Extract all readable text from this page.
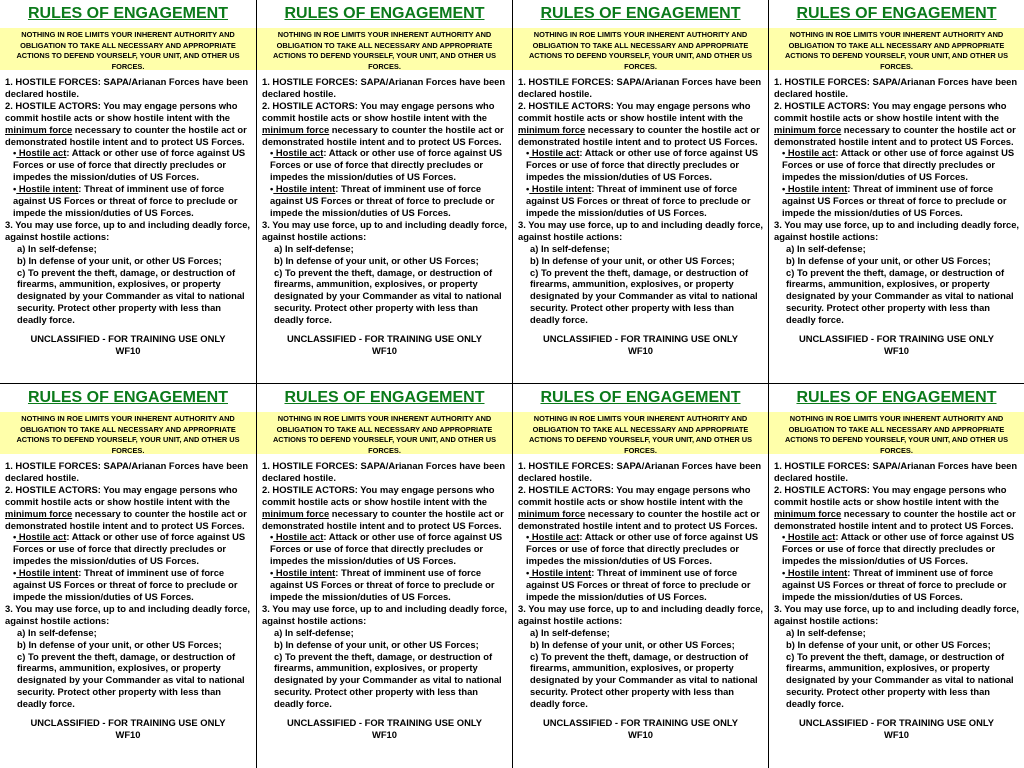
RULES OF ENGAGEMENT
NOTHING IN ROE LIMITS YOUR INHERENT AUTHORITY AND OBLIGATION TO TAKE ALL NECESSARY AND APPROPRIATE ACTIONS TO DEFEND YOURSELF, YOUR UNIT, AND OTHER US FORCES.

1. HOSTILE FORCES: SAPA/Arianan Forces have been declared hostile.

2. HOSTILE ACTORS: You may engage persons who commit hostile acts or show hostile intent with the minimum force necessary to counter the hostile act or demonstrated hostile intent and to protect US Forces.

• Hostile act: Attack or other use of force against US Forces or use of force that directly precludes or impedes the mission/duties of US Forces.

• Hostile intent: Threat of imminent use of force against US Forces or threat of force to preclude or impede the mission/duties of US Forces.

3. You may use force, up to and including deadly force, against hostile actions:

a) In self-defense;

b) In defense of your unit, or other US Forces;

c) To prevent the theft, damage, or destruction of firearms, ammunition, explosives, or property designated by your Commander as vital to national security. Protect other property with less than deadly force.

UNCLASSIFIED - FOR TRAINING USE ONLY
WF10
RULES OF ENGAGEMENT
NOTHING IN ROE LIMITS YOUR INHERENT AUTHORITY AND OBLIGATION TO TAKE ALL NECESSARY AND APPROPRIATE ACTIONS TO DEFEND YOURSELF, YOUR UNIT, AND OTHER US FORCES.

1. HOSTILE FORCES: SAPA/Arianan Forces have been declared hostile.

2. HOSTILE ACTORS: You may engage persons who commit hostile acts or show hostile intent with the minimum force necessary to counter the hostile act or demonstrated hostile intent and to protect US Forces.

• Hostile act: Attack or other use of force against US Forces or use of force that directly precludes or impedes the mission/duties of US Forces.

• Hostile intent: Threat of imminent use of force against US Forces or threat of force to preclude or impede the mission/duties of US Forces.

3. You may use force, up to and including deadly force, against hostile actions:

a) In self-defense;

b) In defense of your unit, or other US Forces;

c) To prevent the theft, damage, or destruction of firearms, ammunition, explosives, or property designated by your Commander as vital to national security. Protect other property with less than deadly force.

UNCLASSIFIED - FOR TRAINING USE ONLY
WF10
RULES OF ENGAGEMENT
NOTHING IN ROE LIMITS YOUR INHERENT AUTHORITY AND OBLIGATION TO TAKE ALL NECESSARY AND APPROPRIATE ACTIONS TO DEFEND YOURSELF, YOUR UNIT, AND OTHER US FORCES.

1. HOSTILE FORCES: SAPA/Arianan Forces have been declared hostile.

2. HOSTILE ACTORS: You may engage persons who commit hostile acts or show hostile intent with the minimum force necessary to counter the hostile act or demonstrated hostile intent and to protect US Forces.

• Hostile act: Attack or other use of force against US Forces or use of force that directly precludes or impedes the mission/duties of US Forces.

• Hostile intent: Threat of imminent use of force against US Forces or threat of force to preclude or impede the mission/duties of US Forces.

3. You may use force, up to and including deadly force, against hostile actions:

a) In self-defense;

b) In defense of your unit, or other US Forces;

c) To prevent the theft, damage, or destruction of firearms, ammunition, explosives, or property designated by your Commander as vital to national security. Protect other property with less than deadly force.

UNCLASSIFIED - FOR TRAINING USE ONLY
WF10
RULES OF ENGAGEMENT
NOTHING IN ROE LIMITS YOUR INHERENT AUTHORITY AND OBLIGATION TO TAKE ALL NECESSARY AND APPROPRIATE ACTIONS TO DEFEND YOURSELF, YOUR UNIT, AND OTHER US FORCES.

1. HOSTILE FORCES: SAPA/Arianan Forces have been declared hostile.

2. HOSTILE ACTORS: You may engage persons who commit hostile acts or show hostile intent with the minimum force necessary to counter the hostile act or demonstrated hostile intent and to protect US Forces.

• Hostile act: Attack or other use of force against US Forces or use of force that directly precludes or impedes the mission/duties of US Forces.

• Hostile intent: Threat of imminent use of force against US Forces or threat of force to preclude or impede the mission/duties of US Forces.

3. You may use force, up to and including deadly force, against hostile actions:

a) In self-defense;

b) In defense of your unit, or other US Forces;

c) To prevent the theft, damage, or destruction of firearms, ammunition, explosives, or property designated by your Commander as vital to national security. Protect other property with less than deadly force.

UNCLASSIFIED - FOR TRAINING USE ONLY
WF10
RULES OF ENGAGEMENT
NOTHING IN ROE LIMITS YOUR INHERENT AUTHORITY AND OBLIGATION TO TAKE ALL NECESSARY AND APPROPRIATE ACTIONS TO DEFEND YOURSELF, YOUR UNIT, AND OTHER US FORCES.

1. HOSTILE FORCES: SAPA/Arianan Forces have been declared hostile.

2. HOSTILE ACTORS: You may engage persons who commit hostile acts or show hostile intent with the minimum force necessary to counter the hostile act or demonstrated hostile intent and to protect US Forces.

• Hostile act: Attack or other use of force against US Forces or use of force that directly precludes or impedes the mission/duties of US Forces.

• Hostile intent: Threat of imminent use of force against US Forces or threat of force to preclude or impede the mission/duties of US Forces.

3. You may use force, up to and including deadly force, against hostile actions:

a) In self-defense;

b) In defense of your unit, or other US Forces;

c) To prevent the theft, damage, or destruction of firearms, ammunition, explosives, or property designated by your Commander as vital to national security. Protect other property with less than deadly force.

UNCLASSIFIED - FOR TRAINING USE ONLY
WF10
RULES OF ENGAGEMENT
NOTHING IN ROE LIMITS YOUR INHERENT AUTHORITY AND OBLIGATION TO TAKE ALL NECESSARY AND APPROPRIATE ACTIONS TO DEFEND YOURSELF, YOUR UNIT, AND OTHER US FORCES.

1. HOSTILE FORCES: SAPA/Arianan Forces have been declared hostile.

2. HOSTILE ACTORS: You may engage persons who commit hostile acts or show hostile intent with the minimum force necessary to counter the hostile act or demonstrated hostile intent and to protect US Forces.

• Hostile act: Attack or other use of force against US Forces or use of force that directly precludes or impedes the mission/duties of US Forces.

• Hostile intent: Threat of imminent use of force against US Forces or threat of force to preclude or impede the mission/duties of US Forces.

3. You may use force, up to and including deadly force, against hostile actions:

a) In self-defense;

b) In defense of your unit, or other US Forces;

c) To prevent the theft, damage, or destruction of firearms, ammunition, explosives, or property designated by your Commander as vital to national security. Protect other property with less than deadly force.

UNCLASSIFIED - FOR TRAINING USE ONLY
WF10
RULES OF ENGAGEMENT
NOTHING IN ROE LIMITS YOUR INHERENT AUTHORITY AND OBLIGATION TO TAKE ALL NECESSARY AND APPROPRIATE ACTIONS TO DEFEND YOURSELF, YOUR UNIT, AND OTHER US FORCES.

1. HOSTILE FORCES: SAPA/Arianan Forces have been declared hostile.

2. HOSTILE ACTORS: You may engage persons who commit hostile acts or show hostile intent with the minimum force necessary to counter the hostile act or demonstrated hostile intent and to protect US Forces.

• Hostile act: Attack or other use of force against US Forces or use of force that directly precludes or impedes the mission/duties of US Forces.

• Hostile intent: Threat of imminent use of force against US Forces or threat of force to preclude or impede the mission/duties of US Forces.

3. You may use force, up to and including deadly force, against hostile actions:

a) In self-defense;

b) In defense of your unit, or other US Forces;

c) To prevent the theft, damage, or destruction of firearms, ammunition, explosives, or property designated by your Commander as vital to national security. Protect other property with less than deadly force.

UNCLASSIFIED - FOR TRAINING USE ONLY
WF10
RULES OF ENGAGEMENT
NOTHING IN ROE LIMITS YOUR INHERENT AUTHORITY AND OBLIGATION TO TAKE ALL NECESSARY AND APPROPRIATE ACTIONS TO DEFEND YOURSELF, YOUR UNIT, AND OTHER US FORCES.

1. HOSTILE FORCES: SAPA/Arianan Forces have been declared hostile.

2. HOSTILE ACTORS: You may engage persons who commit hostile acts or show hostile intent with the minimum force necessary to counter the hostile act or demonstrated hostile intent and to protect US Forces.

• Hostile act: Attack or other use of force against US Forces or use of force that directly precludes or impedes the mission/duties of US Forces.

• Hostile intent: Threat of imminent use of force against US Forces or threat of force to preclude or impede the mission/duties of US Forces.

3. You may use force, up to and including deadly force, against hostile actions:

a) In self-defense;

b) In defense of your unit, or other US Forces;

c) To prevent the theft, damage, or destruction of firearms, ammunition, explosives, or property designated by your Commander as vital to national security. Protect other property with less than deadly force.

UNCLASSIFIED - FOR TRAINING USE ONLY
WF10
